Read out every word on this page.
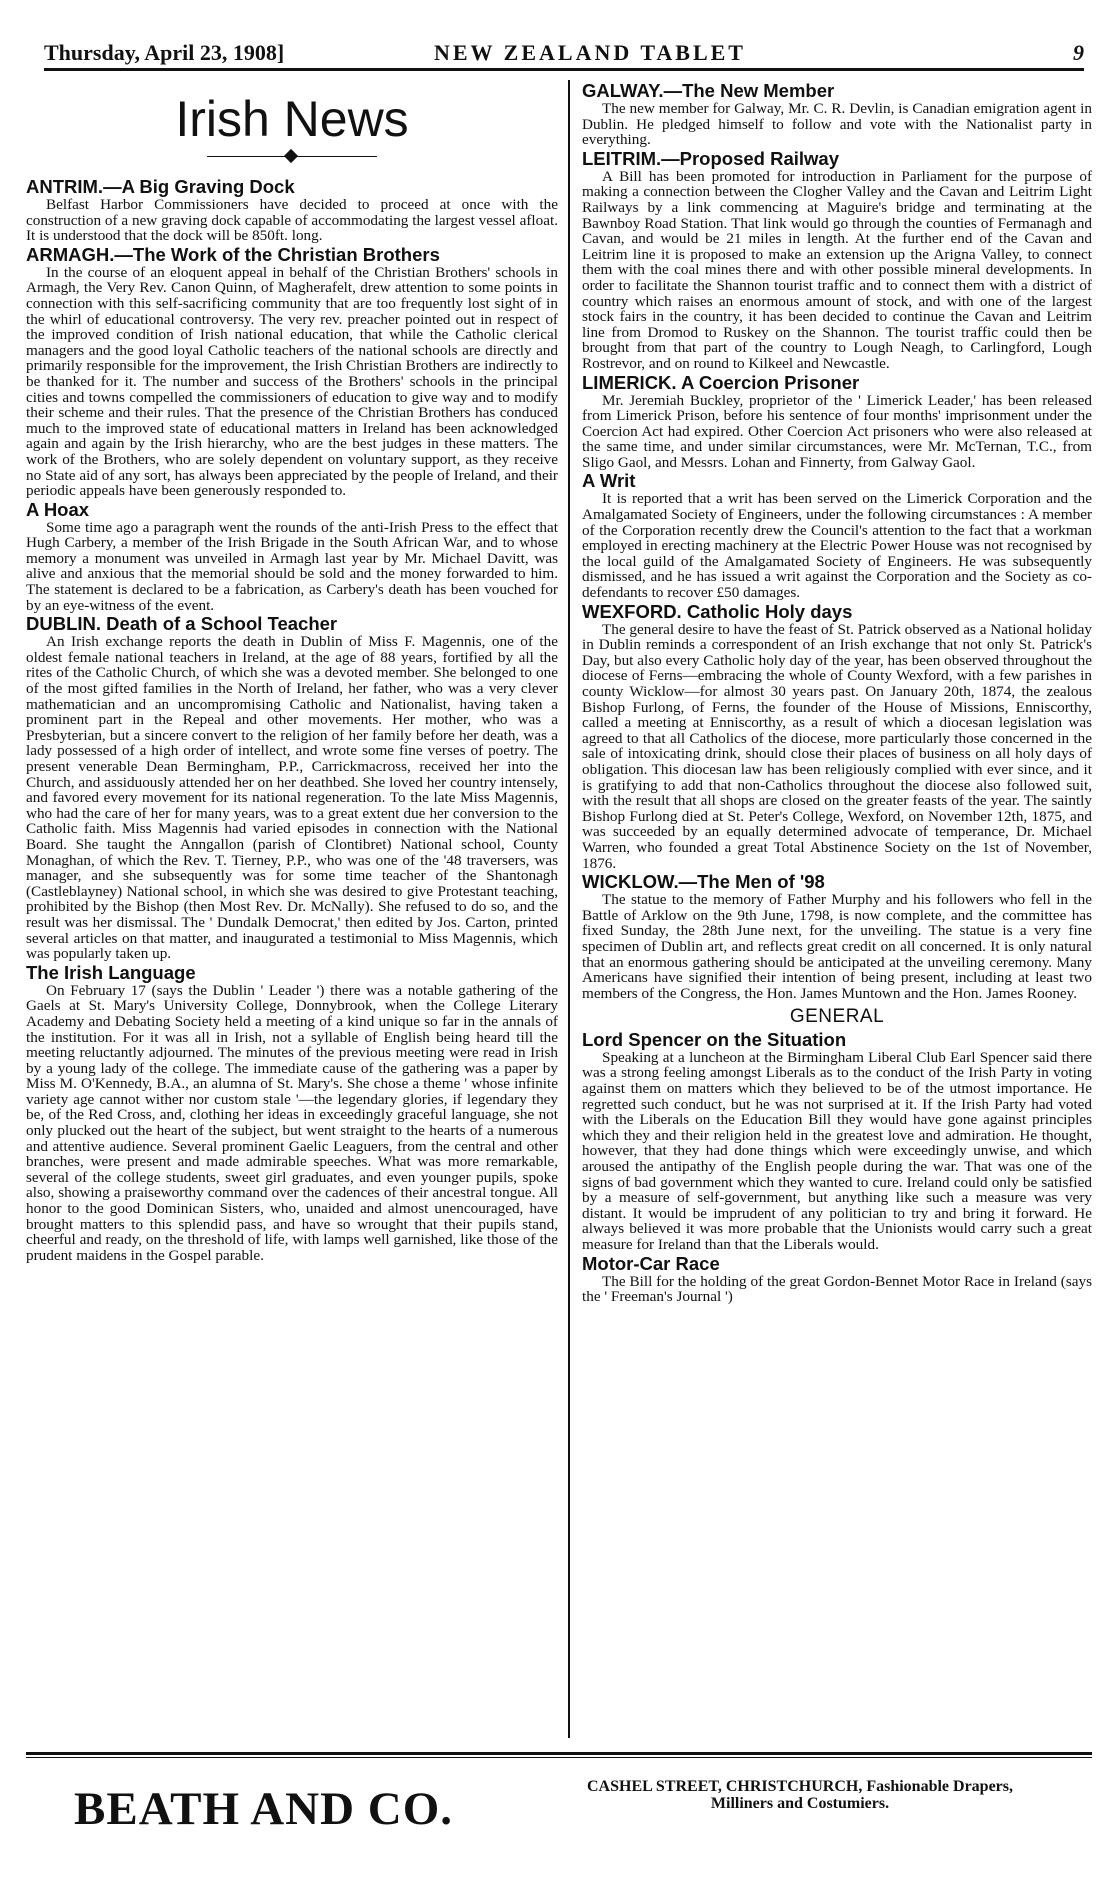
Thursday, April 23, 1908]	NEW ZEALAND TABLET	9
Irish News
ANTRIM.—A Big Graving Dock

Belfast Harbor Commissioners have decided to proceed at once with the construction of a new graving dock capable of accommodating the largest vessel afloat. It is understood that the dock will be 850ft. long.

ARMAGH.—The Work of the Christian Brothers

In the course of an eloquent appeal in behalf of the Christian Brothers' schools in Armagh, the Very Rev. Canon Quinn, of Magherafelt, drew attention to some points in connection with this self-sacrificing community that are too frequently lost sight of in the whirl of educational controversy. The very rev. preacher pointed out in respect of the improved condition of Irish national education, that while the Catholic clerical managers and the good loyal Catholic teachers of the national schools are directly and primarily responsible for the improvement, the Irish Christian Brothers are indirectly to be thanked for it. The number and success of the Brothers' schools in the principal cities and towns compelled the commissioners of education to give way and to modify their scheme and their rules. That the presence of the Christian Brothers has conduced much to the improved state of educational matters in Ireland has been acknowledged again and again by the Irish hierarchy, who are the best judges in these matters. The work of the Brothers, who are solely dependent on voluntary support, as they receive no State aid of any sort, has always been appreciated by the people of Ireland, and their periodic appeals have been generously responded to.

A Hoax

Some time ago a paragraph went the rounds of the anti-Irish Press to the effect that Hugh Carbery, a member of the Irish Brigade in the South African War, and to whose memory a monument was unveiled in Armagh last year by Mr. Michael Davitt, was alive and anxious that the memorial should be sold and the money forwarded to him. The statement is declared to be a fabrication, as Carbery's death has been vouched for by an eye-witness of the event.

DUBLIN. Death of a School Teacher

An Irish exchange reports the death in Dublin of Miss F. Magennis, one of the oldest female national teachers in Ireland, at the age of 88 years, fortified by all the rites of the Catholic Church, of which she was a devoted member. She belonged to one of the most gifted families in the North of Ireland, her father, who was a very clever mathematician and an uncompromising Catholic and Nationalist, having taken a prominent part in the Repeal and other movements. Her mother, who was a Presbyterian, but a sincere convert to the religion of her family before her death, was a lady possessed of a high order of intellect, and wrote some fine verses of poetry. The present venerable Dean Bermingham, P.P., Carrickmacross, received her into the Church, and assiduously attended her on her deathbed. She loved her country intensely, and favored every movement for its national regeneration. To the late Miss Magennis, who had the care of her for many years, was to a great extent due her conversion to the Catholic faith. Miss Magennis had varied episodes in connection with the National Board. She taught the Anngallon (parish of Clontibret) National school, County Monaghan, of which the Rev. T. Tierney, P.P., who was one of the '48 traversers, was manager, and she subsequently was for some time teacher of the Shantonagh (Castleblayney) National school, in which she was desired to give Protestant teaching, prohibited by the Bishop (then Most Rev. Dr. McNally). She refused to do so, and the result was her dismissal. The ' Dundalk Democrat,' then edited by Jos. Carton, printed several articles on that matter, and inaugurated a testimonial to Miss Magennis, which was popularly taken up.

The Irish Language

On February 17 (says the Dublin ' Leader ') there was a notable gathering of the Gaels at St. Mary's University College, Donnybrook, when the College Literary Academy and Debating Society held a meeting of a kind unique so far in the annals of the institution. For it was all in Irish, not a syllable of English being heard till the meeting reluctantly adjourned. The minutes of the previous meeting were read in Irish by a young lady of the college. The immediate cause of the gathering was a paper by Miss M. O'Kennedy, B.A., an alumna of St. Mary's. She chose a theme ' whose infinite variety age cannot wither nor custom stale '—the legendary glories, if legendary they be, of the Red Cross, and, clothing her ideas in exceedingly graceful language, she not only plucked out the heart of the subject, but went straight to the hearts of a numerous and attentive audience. Several prominent Gaelic Leaguers, from the central and other branches, were present and made admirable speeches. What was more remarkable, several of the college students, sweet girl graduates, and even younger pupils, spoke also, showing a praiseworthy command over the cadences of their ancestral tongue. All honor to the good Dominican Sisters, who, unaided and almost unencouraged, have brought matters to this splendid pass, and have so wrought that their pupils stand, cheerful and ready, on the threshold of life, with lamps well garnished, like those of the prudent maidens in the Gospel parable.

GALWAY.—The New Member

The new member for Galway, Mr. C. R. Devlin, is Canadian emigration agent in Dublin. He pledged himself to follow and vote with the Nationalist party in everything.

LEITRIM.—Proposed Railway

A Bill has been promoted for introduction in Parliament for the purpose of making a connection between the Clogher Valley and the Cavan and Leitrim Light Railways by a link commencing at Maguire's bridge and terminating at the Bawnboy Road Station. That link would go through the counties of Fermanagh and Cavan, and would be 21 miles in length. At the further end of the Cavan and Leitrim line it is proposed to make an extension up the Arigna Valley, to connect them with the coal mines there and with other possible mineral developments. In order to facilitate the Shannon tourist traffic and to connect them with a district of country which raises an enormous amount of stock, and with one of the largest stock fairs in the country, it has been decided to continue the Cavan and Leitrim line from Dromod to Ruskey on the Shannon. The tourist traffic could then be brought from that part of the country to Lough Neagh, to Carlingford, Lough Rostrevor, and on round to Kilkeel and Newcastle.

LIMERICK. A Coercion Prisoner

Mr. Jeremiah Buckley, proprietor of the ' Limerick Leader,' has been released from Limerick Prison, before his sentence of four months' imprisonment under the Coercion Act had expired. Other Coercion Act prisoners who were also released at the same time, and under similar circumstances, were Mr. McTernan, T.C., from Sligo Gaol, and Messrs. Lohan and Finnerty, from Galway Gaol.

A Writ

It is reported that a writ has been served on the Limerick Corporation and the Amalgamated Society of Engineers, under the following circumstances : A member of the Corporation recently drew the Council's attention to the fact that a workman employed in erecting machinery at the Electric Power House was not recognised by the local guild of the Amalgamated Society of Engineers. He was subsequently dismissed, and he has issued a writ against the Corporation and the Society as co-defendants to recover £50 damages.

WEXFORD. Catholic Holy days

The general desire to have the feast of St. Patrick observed as a National holiday in Dublin reminds a correspondent of an Irish exchange that not only St. Patrick's Day, but also every Catholic holy day of the year, has been observed throughout the diocese of Ferns—embracing the whole of County Wexford, with a few parishes in county Wicklow—for almost 30 years past. On January 20th, 1874, the zealous Bishop Furlong, of Ferns, the founder of the House of Missions, Enniscorthy, called a meeting at Enniscorthy, as a result of which a diocesan legislation was agreed to that all Catholics of the diocese, more particularly those concerned in the sale of intoxicating drink, should close their places of business on all holy days of obligation. This diocesan law has been religiously complied with ever since, and it is gratifying to add that non-Catholics throughout the diocese also followed suit, with the result that all shops are closed on the greater feasts of the year. The saintly Bishop Furlong died at St. Peter's College, Wexford, on November 12th, 1875, and was succeeded by an equally determined advocate of temperance, Dr. Michael Warren, who founded a great Total Abstinence Society on the 1st of November, 1876.

WICKLOW.—The Men of '98

The statue to the memory of Father Murphy and his followers who fell in the Battle of Arklow on the 9th June, 1798, is now complete, and the committee has fixed Sunday, the 28th June next, for the unveiling. The statue is a very fine specimen of Dublin art, and reflects great credit on all concerned. It is only natural that an enormous gathering should be anticipated at the unveiling ceremony. Many Americans have signified their intention of being present, including at least two members of the Congress, the Hon. James Muntown and the Hon. James Rooney.

GENERAL
Lord Spencer on the Situation

Speaking at a luncheon at the Birmingham Liberal Club Earl Spencer said there was a strong feeling amongst Liberals as to the conduct of the Irish Party in voting against them on matters which they believed to be of the utmost importance. He regretted such conduct, but he was not surprised at it. If the Irish Party had voted with the Liberals on the Education Bill they would have gone against principles which they and their religion held in the greatest love and admiration. He thought, however, that they had done things which were exceedingly unwise, and which aroused the antipathy of the English people during the war. That was one of the signs of bad government which they wanted to cure. Ireland could only be satisfied by a measure of self-government, but anything like such a measure was very distant. It would be imprudent of any politician to try and bring it forward. He always believed it was more probable that the Unionists would carry such a great measure for Ireland than that the Liberals would.

Motor-Car Race

The Bill for the holding of the great Gordon-Bennet Motor Race in Ireland (says the ' Freeman's Journal ')

BEATH AND CO.	CASHEL STREET, CHRISTCHURCH, Fashionable Drapers,
Milliners and Costumiers.
